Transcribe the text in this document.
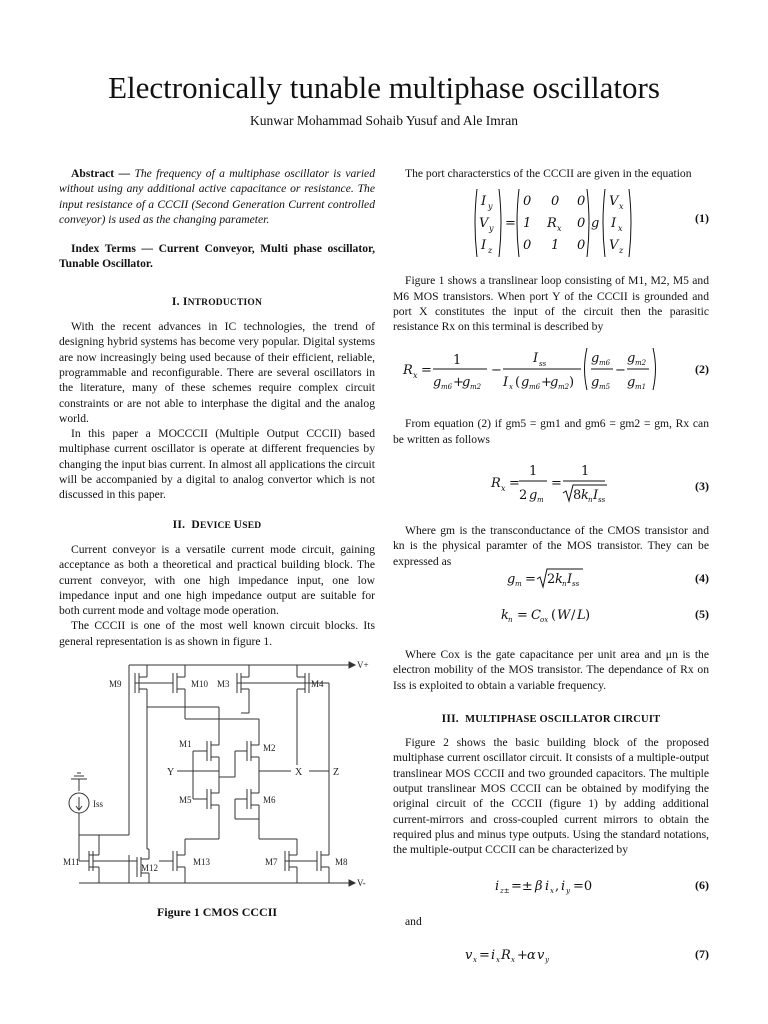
Electronically tunable multiphase oscillators
Kunwar Mohammad Sohaib Yusuf and Ale Imran

Abstract — The frequency of a multiphase oscillator is varied without using any additional active capacitance or resistance. The input resistance of a CCCII (Second Generation Current controlled conveyor) is used as the changing parameter.

Index Terms — Current Conveyor, Multi phase oscillator, Tunable Oscillator.

I. INTRODUCTION

With the recent advances in IC technologies, the trend of designing hybrid systems has become very popular. Digital systems are now increasingly being used because of their efficient, reliable, programmable and reconfigurable. There are several oscillators in the literature, many of these schemes require complex circuit constraints or are not able to interphase the digital and the analog world.

In this paper a MOCCCII (Multiple Output CCCII) based multiphase current oscillator is operate at different frequencies by changing the input bias current. In almost all applications the circuit will be accompanied by a digital to analog convertor which is not discussed in this paper.

II. DEVICE USED

Current conveyor is a versatile current mode circuit, gaining acceptance as both a theoretical and practical building block. The current conveyor, with one high impedance input, one low impedance input and one high impedance output are suitable for both current mode and voltage mode operation.

The CCCII is one of the most well known circuit blocks. Its general representation is as shown in figure 1.

V+
V-
M9	M10 M3	M4
M1	M2
Y	X	Z
M5	M6
Iss
M11
M12
M13	M7	M8
Figure 1 CMOS CCCII

The port characterstics of the CCCII are given in the equation

I y
V y
I z
=
0 0 0
1 R x 0
0 1 0
g
V x
I x
V z
(1)

Figure 1 shows a translinear loop consisting of M1, M2, M5 and M6 MOS transistors. When port Y of the CCCII is grounded and port X constitutes the input of the circuit then the parasitic resistance Rx on this terminal is described by

R x =
1
g m6 +
g m2
−
I ss
I x ( g m6 +
g m2 )
g m6
g m5
−
g m2
g m1
(2)

From equation (2) if gm5 = gm1 and gm6 = gm2 = gm, Rx can be written as follows

R x =
1
2 g m
=
1
8 k n I ss
(3)

Where gm is the transconductance of the CMOS transistor and kn is the physical paramter of the MOS transistor. They can be expressed as

g m = 2 k n I ss	(4)
k n = C ox ( W / L )	(5)

Where Cox is the gate capacitance per unit area and μn is the electron mobility of the MOS transistor. The dependance of Rx on Iss is exploited to obtain a variable frequency.

III. MULTIPHASE OSCILLATOR CIRCUIT

Figure 2 shows the basic building block of the proposed multiphase current oscillator circuit. It consists of a multiple-output translinear MOS CCCII and two grounded capacitors. The multiple output translinear MOS CCCII can be obtained by modifying the original circuit of the CCCII (figure 1) by adding additional current-mirrors and cross-coupled current mirrors to obtain the required plus and minus type outputs. Using the standard notations, the multiple-output CCCII can be characterized by

i z± =± β i x , i y =0	(6)

and

v x = i x R x + α v y	(7)
